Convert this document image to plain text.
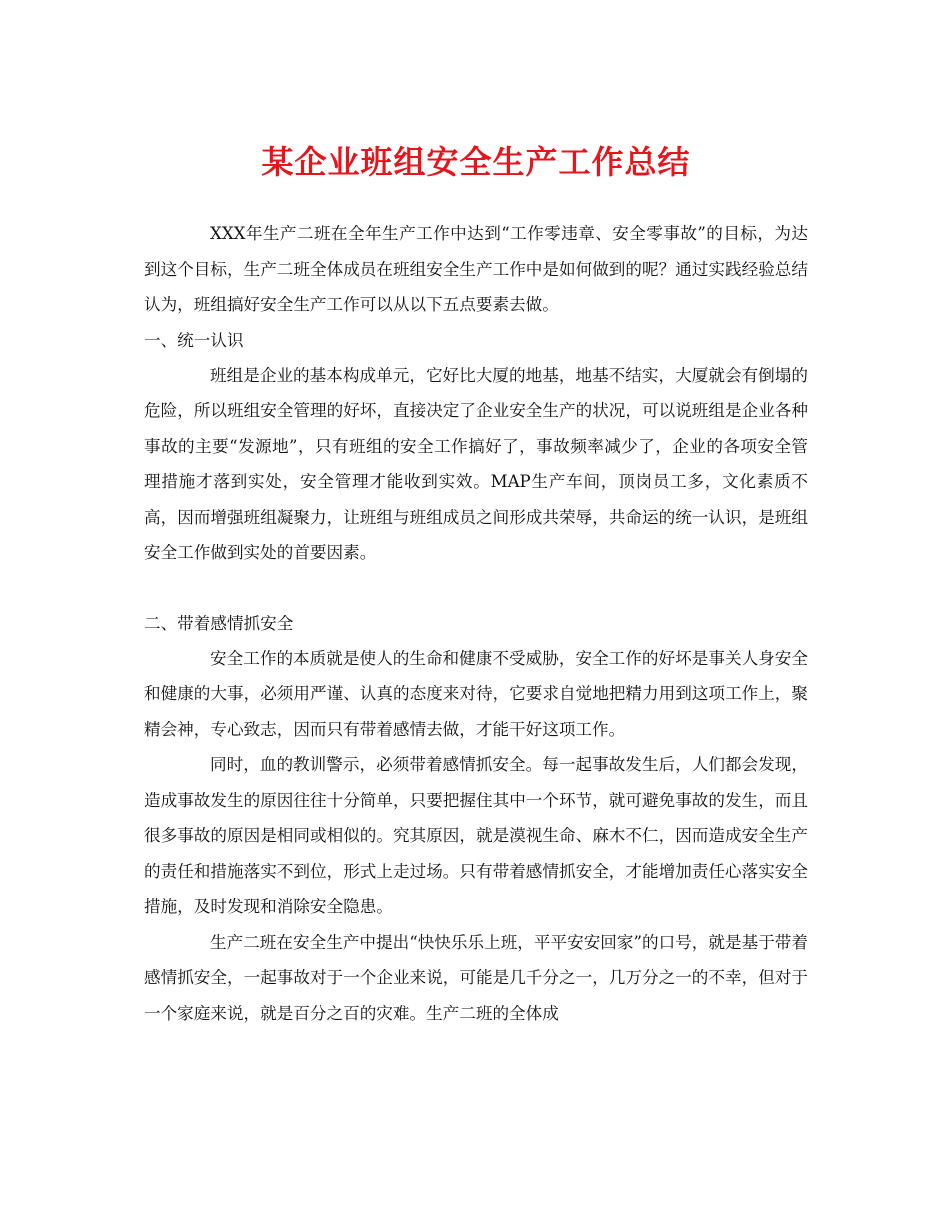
某企业班组安全生产工作总结

XXX年生产二班在全年生产工作中达到“工作零违章、安全零事故”的目标，为达到这个目标，生产二班全体成员在班组安全生产工作中是如何做到的呢？通过实践经验总结认为，班组搞好安全生产工作可以从以下五点要素去做。

一、统一认识

班组是企业的基本构成单元，它好比大厦的地基，地基不结实，大厦就会有倒塌的危险，所以班组安全管理的好坏，直接决定了企业安全生产的状况，可以说班组是企业各种事故的主要“发源地”，只有班组的安全工作搞好了，事故频率减少了，企业的各项安全管理措施才落到实处，安全管理才能收到实效。MAP生产车间，顶岗员工多，文化素质不高，因而增强班组凝聚力，让班组与班组成员之间形成共荣辱，共命运的统一认识，是班组安全工作做到实处的首要因素。

二、带着感情抓安全

安全工作的本质就是使人的生命和健康不受威胁，安全工作的好坏是事关人身安全和健康的大事，必须用严谨、认真的态度来对待，它要求自觉地把精力用到这项工作上，聚精会神，专心致志，因而只有带着感情去做，才能干好这项工作。

同时，血的教训警示，必须带着感情抓安全。每一起事故发生后，人们都会发现，造成事故发生的原因往往十分简单，只要把握住其中一个环节，就可避免事故的发生，而且很多事故的原因是相同或相似的。究其原因，就是漠视生命、麻木不仁，因而造成安全生产的责任和措施落实不到位，形式上走过场。只有带着感情抓安全，才能增加责任心落实安全措施，及时发现和消除安全隐患。

生产二班在安全生产中提出“快快乐乐上班，平平安安回家”的口号，就是基于带着感情抓安全，一起事故对于一个企业来说，可能是几千分之一，几万分之一的不幸，但对于一个家庭来说，就是百分之百的灾难。生产二班的全体成
